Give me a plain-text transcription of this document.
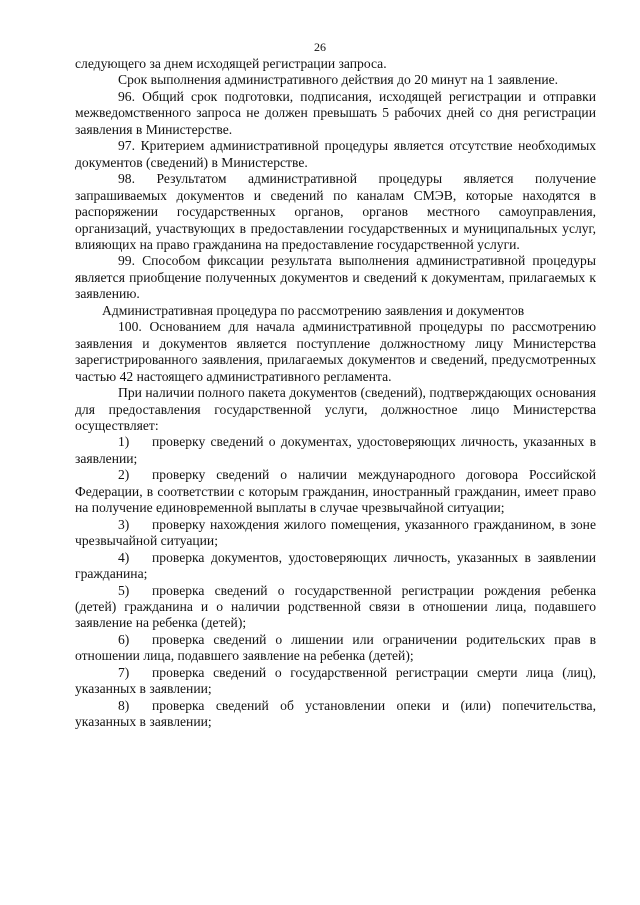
26

следующего за днем исходящей регистрации запроса.

Срок выполнения административного действия до 20 минут на 1 заявление.

96. Общий срок подготовки, подписания, исходящей регистрации и отправки межведомственного запроса не должен превышать 5 рабочих дней со дня регистрации заявления в Министерстве.

97. Критерием административной процедуры является отсутствие необходимых документов (сведений) в Министерстве.

98. Результатом административной процедуры является получение запрашиваемых документов и сведений по каналам СМЭВ, которые находятся в распоряжении государственных органов, органов местного самоуправления, организаций, участвующих в предоставлении государственных и муниципальных услуг, влияющих на право гражданина на предоставление государственной услуги.

99. Способом фиксации результата выполнения административной процедуры является приобщение полученных документов и сведений к документам, прилагаемых к заявлению.

Административная процедура по рассмотрению заявления и документов

100. Основанием для начала административной процедуры по рассмотрению заявления и документов является поступление должностному лицу Министерства зарегистрированного заявления, прилагаемых документов и сведений, предусмотренных частью 42 настоящего административного регламента.

При наличии полного пакета документов (сведений), подтверждающих основания для предоставления государственной услуги, должностное лицо Министерства осуществляет:

1) проверку сведений о документах, удостоверяющих личность, указанных в заявлении;

2) проверку сведений о наличии международного договора Российской Федерации, в соответствии с которым гражданин, иностранный гражданин, имеет право на получение единовременной выплаты в случае чрезвычайной ситуации;

3) проверку нахождения жилого помещения, указанного гражданином, в зоне чрезвычайной ситуации;

4) проверка документов, удостоверяющих личность, указанных в заявлении гражданина;

5) проверка сведений о государственной регистрации рождения ребенка (детей) гражданина и о наличии родственной связи в отношении лица, подавшего заявление на ребенка (детей);

6) проверка сведений о лишении или ограничении родительских прав в отношении лица, подавшего заявление на ребенка (детей);

7) проверка сведений о государственной регистрации смерти лица (лиц), указанных в заявлении;

8) проверка сведений об установлении опеки и (или) попечительства, указанных в заявлении;
